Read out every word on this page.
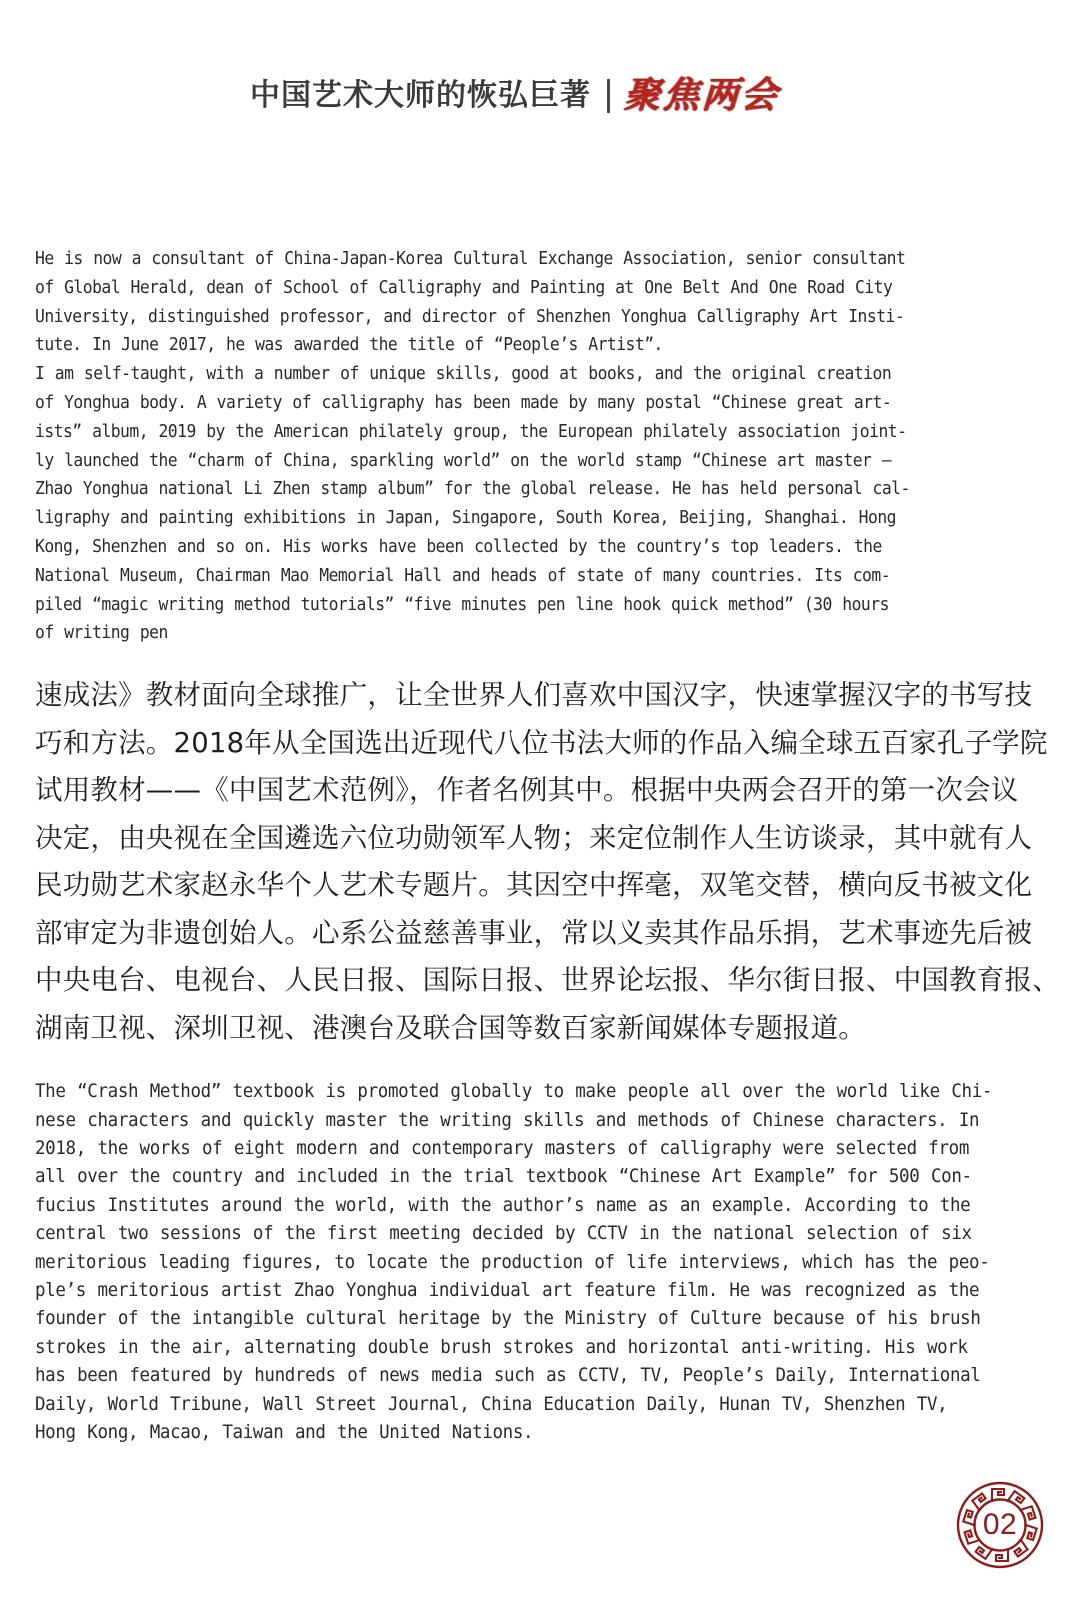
中国艺术大师的恢弘巨著 聚焦两会
He is now a consultant of China-Japan-Korea Cultural Exchange Association, senior consultant
of Global Herald, dean of School of Calligraphy and Painting at One Belt And One Road City
University, distinguished professor, and director of Shenzhen Yonghua Calligraphy Art Insti-
tute. In June 2017, he was awarded the title of “People’s Artist”.
I am self-taught, with a number of unique skills, good at books, and the original creation
of Yonghua body. A variety of calligraphy has been made by many postal “Chinese great art-
ists” album, 2019 by the American philately group, the European philately association joint-
ly launched the “charm of China, sparkling world” on the world stamp “Chinese art master —
Zhao Yonghua national Li Zhen stamp album” for the global release. He has held personal cal-
ligraphy and painting exhibitions in Japan, Singapore, South Korea, Beijing, Shanghai. Hong
Kong, Shenzhen and so on. His works have been collected by the country’s top leaders. the
National Museum, Chairman Mao Memorial Hall and heads of state of many countries. Its com-
piled “magic writing method tutorials” “five minutes pen line hook quick method” (30 hours
of writing pen
速成法》教材面向全球推广，让全世界人们喜欢中国汉字，快速掌握汉字的书写技
巧和方法。2018年从全国选出近现代八位书法大师的作品入编全球五百家孔子学院
试用教材——《中国艺术范例》，作者名例其中。根据中央两会召开的第一次会议
决定，由央视在全国遴选六位功勋领军人物；来定位制作人生访谈录，其中就有人
民功勋艺术家赵永华个人艺术专题片。其因空中挥毫，双笔交替，横向反书被文化
部审定为非遗创始人。心系公益慈善事业，常以义卖其作品乐捐，艺术事迹先后被
中央电台、电视台、人民日报、国际日报、世界论坛报、华尔街日报、中国教育报、
湖南卫视、深圳卫视、港澳台及联合国等数百家新闻媒体专题报道。
The “Crash Method” textbook is promoted globally to make people all over the world like Chi-
nese characters and quickly master the writing skills and methods of Chinese characters. In
2018, the works of eight modern and contemporary masters of calligraphy were selected from
all over the country and included in the trial textbook “Chinese Art Example” for 500 Con-
fucius Institutes around the world, with the author’s name as an example. According to the
central two sessions of the first meeting decided by CCTV in the national selection of six
meritorious leading figures, to locate the production of life interviews, which has the peo-
ple’s meritorious artist Zhao Yonghua individual art feature film. He was recognized as the
founder of the intangible cultural heritage by the Ministry of Culture because of his brush
strokes in the air, alternating double brush strokes and horizontal anti-writing. His work
has been featured by hundreds of news media such as CCTV, TV, People’s Daily, International
Daily, World Tribune, Wall Street Journal, China Education Daily, Hunan TV, Shenzhen TV,
Hong Kong, Macao, Taiwan and the United Nations.
02
